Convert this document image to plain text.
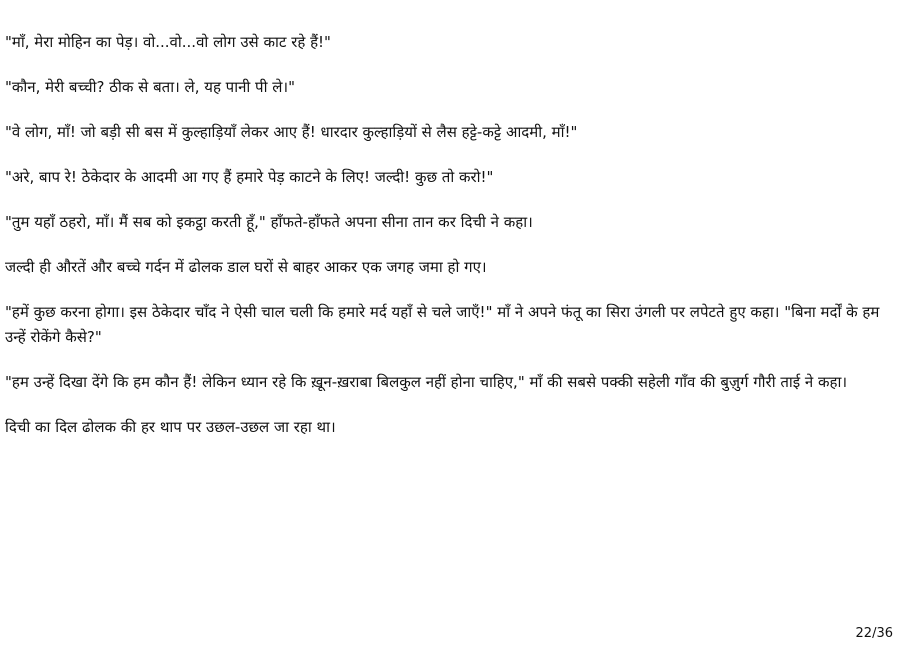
"माँ, मेरा मोहिन का पेड़। वो...वो...वो लोग उसे काट रहे हैं!"

"कौन, मेरी बच्ची? ठीक से बता। ले, यह पानी पी ले।"

"वे लोग, माँ! जो बड़ी सी बस में कुल्हाड़ियाँ लेकर आए हैं! धारदार कुल्हाड़ियों से लैस हट्टे-कट्टे आदमी, माँ!"

"अरे, बाप रे! ठेकेदार के आदमी आ गए हैं हमारे पेड़ काटने के लिए! जल्दी! कुछ तो करो!"

"तुम यहाँ ठहरो, माँ। मैं सब को इकट्ठा करती हूँ," हाँफते-हाँफते अपना सीना तान कर दिची ने कहा।

जल्दी ही औरतें और बच्चे गर्दन में ढोलक डाल घरों से बाहर आकर एक जगह जमा हो गए।

"हमें कुछ करना होगा। इस ठेकेदार चाँद ने ऐसी चाल चली कि हमारे मर्द यहाँ से चले जाएँ!" माँ ने अपने फंतू का सिरा उंगली पर लपेटते हुए कहा। "बिना मर्दों के हम उन्हें रोकेंगे कैसे?"

"हम उन्हें दिखा देंगे कि हम कौन हैं! लेकिन ध्यान रहे कि ख़ून-ख़राबा बिलकुल नहीं होना चाहिए," माँ की सबसे पक्की सहेली गाँव की बुज़ुर्ग गौरी ताई ने कहा।

दिची का दिल ढोलक की हर थाप पर उछल-उछल जा रहा था।

22/36
